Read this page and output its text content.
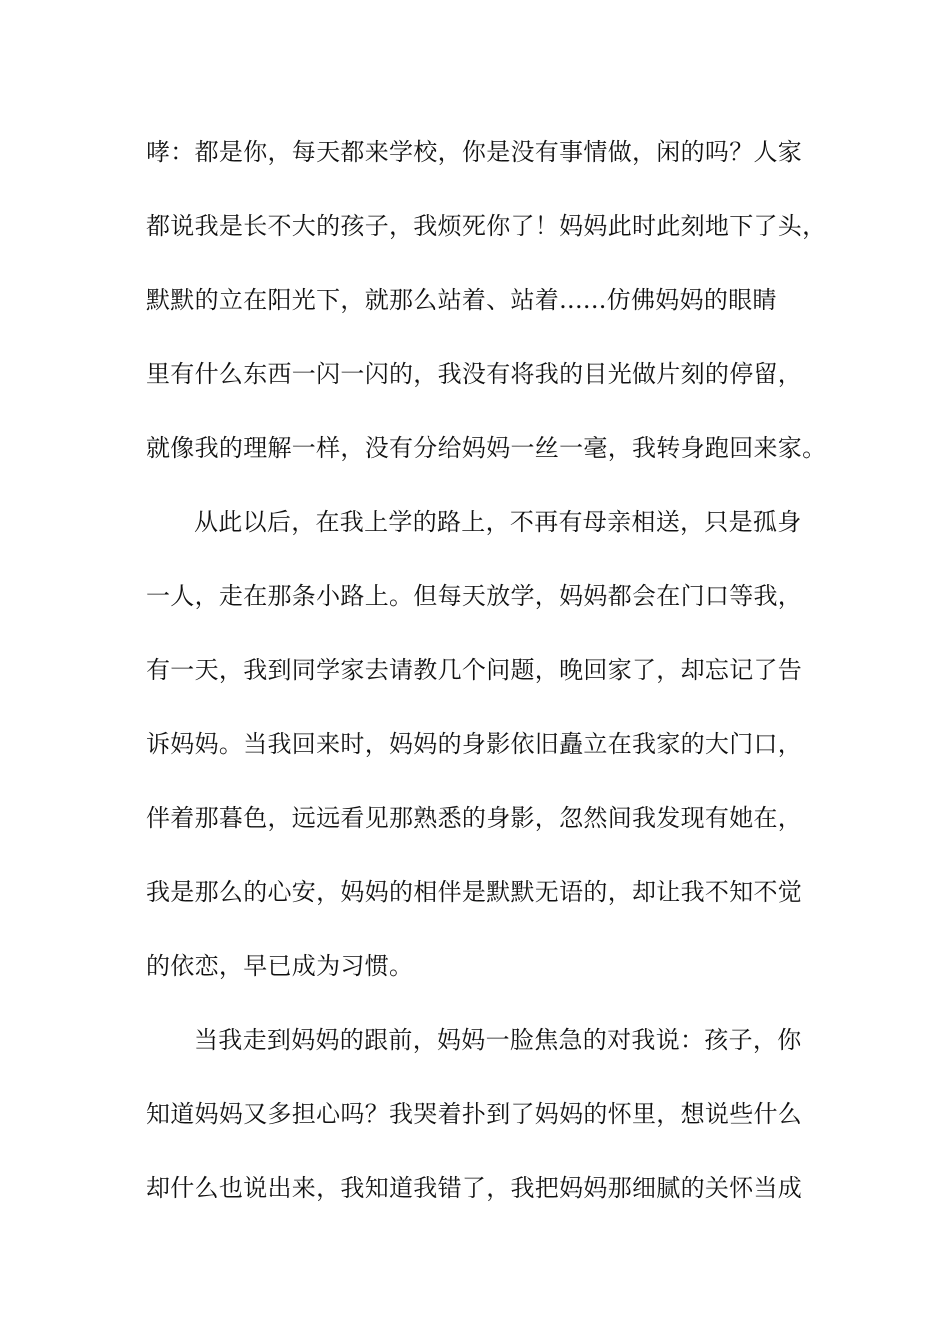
哮：都是你，每天都来学校，你是没有事情做，闲的吗？人家
都说我是长不大的孩子，我烦死你了！妈妈此时此刻地下了头，
默默的立在阳光下，就那么站着、站着......仿佛妈妈的眼睛
里有什么东西一闪一闪的，我没有将我的目光做片刻的停留，
就像我的理解一样，没有分给妈妈一丝一毫，我转身跑回来家。
从此以后，在我上学的路上，不再有母亲相送，只是孤身
一人，走在那条小路上。但每天放学，妈妈都会在门口等我，
有一天，我到同学家去请教几个问题，晚回家了，却忘记了告
诉妈妈。当我回来时，妈妈的身影依旧矗立在我家的大门口，
伴着那暮色，远远看见那熟悉的身影，忽然间我发现有她在，
我是那么的心安，妈妈的相伴是默默无语的，却让我不知不觉
的依恋，早已成为习惯。
当我走到妈妈的跟前，妈妈一脸焦急的对我说：孩子，你
知道妈妈又多担心吗？我哭着扑到了妈妈的怀里，想说些什么
却什么也说出来，我知道我错了，我把妈妈那细腻的关怀当成
